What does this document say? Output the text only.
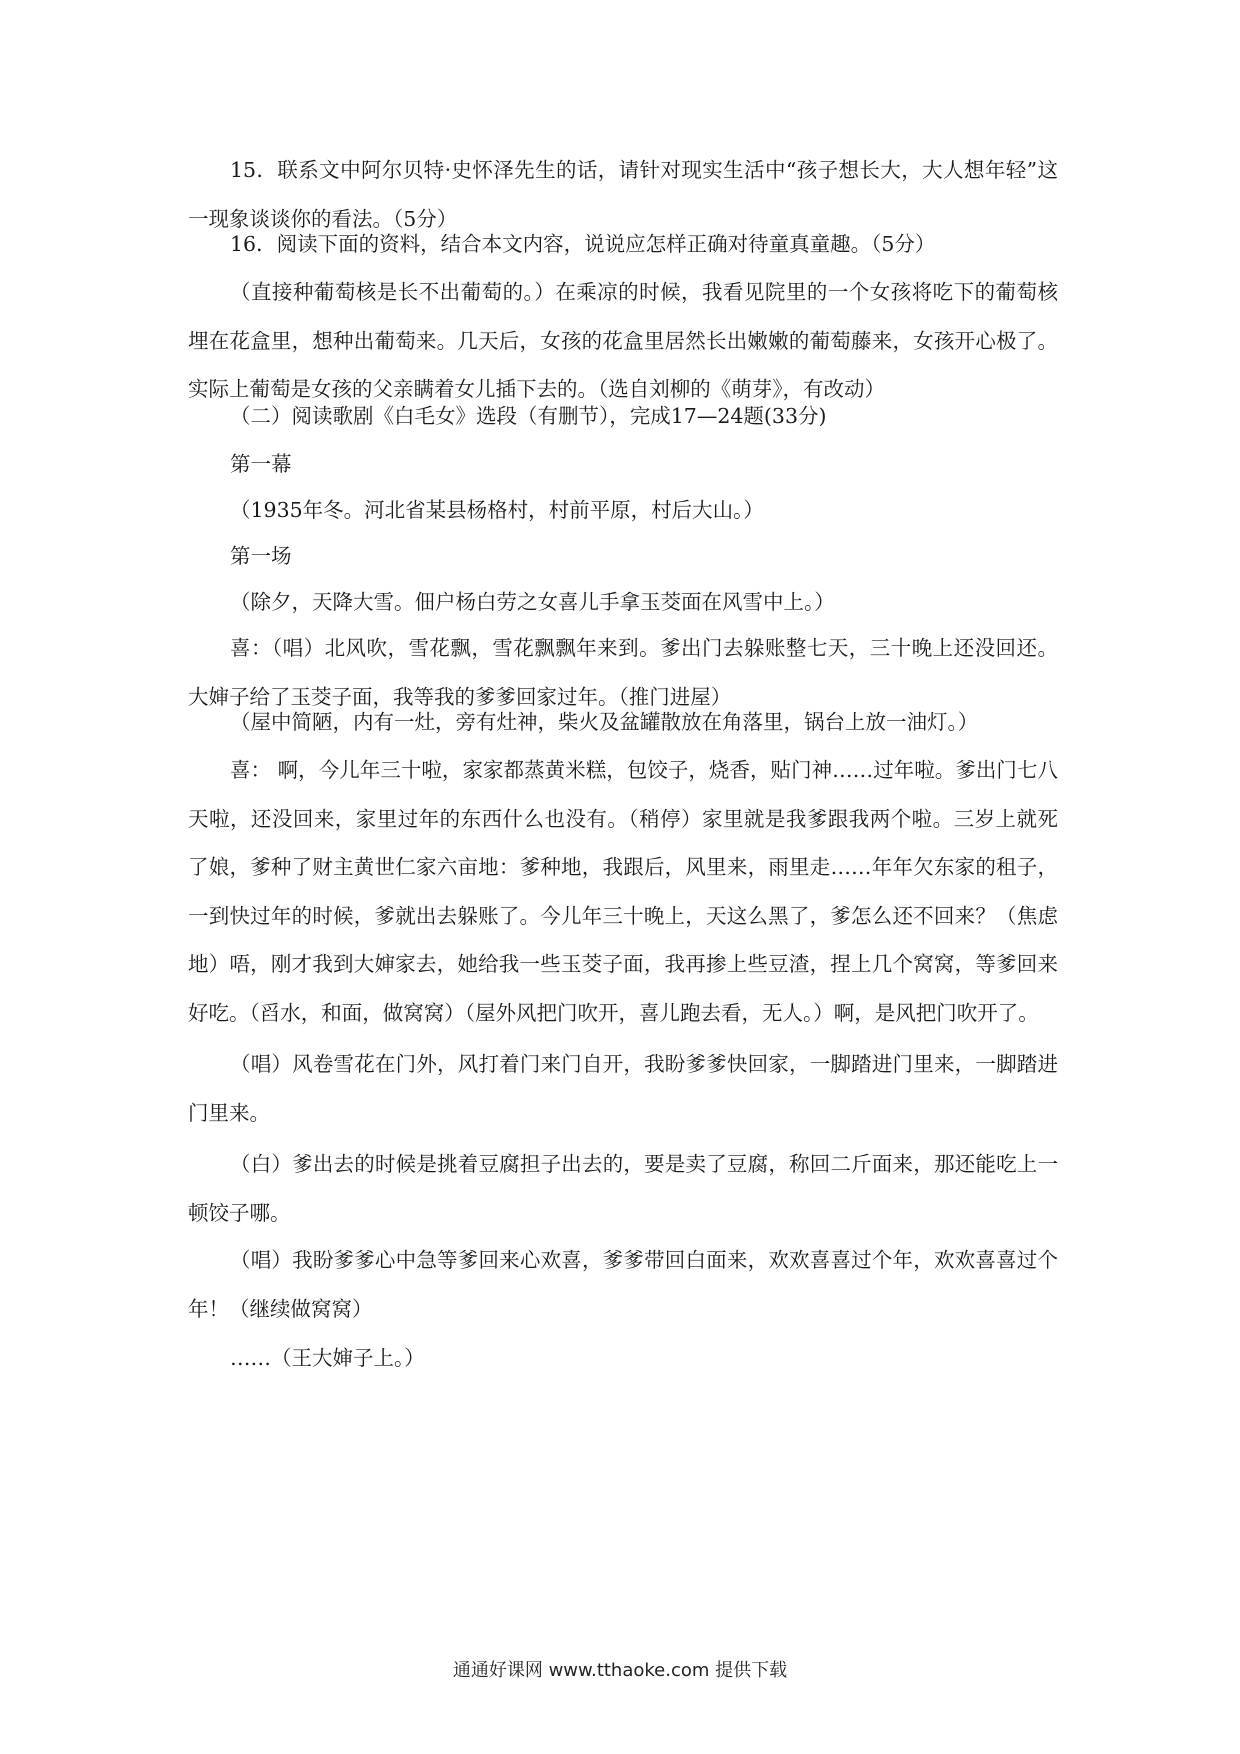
15．联系文中阿尔贝特·史怀泽先生的话，请针对现实生活中“孩子想长大，大人想年轻”这一现象谈谈你的看法。（5分）

16．阅读下面的资料，结合本文内容，说说应怎样正确对待童真童趣。（5分）

（直接种葡萄核是长不出葡萄的。）在乘凉的时候，我看见院里的一个女孩将吃下的葡萄核埋在花盒里，想种出葡萄来。几天后，女孩的花盒里居然长出嫩嫩的葡萄藤来，女孩开心极了。实际上葡萄是女孩的父亲瞒着女儿插下去的。（选自刘柳的《萌芽》，有改动）

（二）阅读歌剧《白毛女》选段（有删节），完成17—24题(33分)

第一幕

（1935年冬。河北省某县杨格村，村前平原，村后大山。）

第一场

（除夕，天降大雪。佃户杨白劳之女喜儿手拿玉茭面在风雪中上。）

喜：（唱）北风吹，雪花飘，雪花飘飘年来到。爹出门去躲账整七天，三十晚上还没回还。大婶子给了玉茭子面，我等我的爹爹回家过年。（推门进屋）

（屋中简陋，内有一灶，旁有灶神，柴火及盆罐散放在角落里，锅台上放一油灯。）

喜： 啊，今儿年三十啦，家家都蒸黄米糕，包饺子，烧香，贴门神……过年啦。爹出门七八天啦，还没回来，家里过年的东西什么也没有。（稍停）家里就是我爹跟我两个啦。三岁上就死了娘，爹种了财主黄世仁家六亩地：爹种地，我跟后，风里来，雨里走……年年欠东家的租子，一到快过年的时候，爹就出去躲账了。今儿年三十晚上，天这么黑了，爹怎么还不回来？（焦虑地）唔，刚才我到大婶家去，她给我一些玉茭子面，我再掺上些豆渣，捏上几个窝窝，等爹回来好吃。（舀水，和面，做窝窝）（屋外风把门吹开，喜儿跑去看，无人。）啊，是风把门吹开了。

（唱）风卷雪花在门外，风打着门来门自开，我盼爹爹快回家，一脚踏进门里来，一脚踏进门里来。

（白）爹出去的时候是挑着豆腐担子出去的，要是卖了豆腐，称回二斤面来，那还能吃上一顿饺子哪。

（唱）我盼爹爹心中急等爹回来心欢喜，爹爹带回白面来，欢欢喜喜过个年，欢欢喜喜过个年！（继续做窝窝）

……（王大婶子上。）

通通好课网 www.tthaoke.com 提供下载
